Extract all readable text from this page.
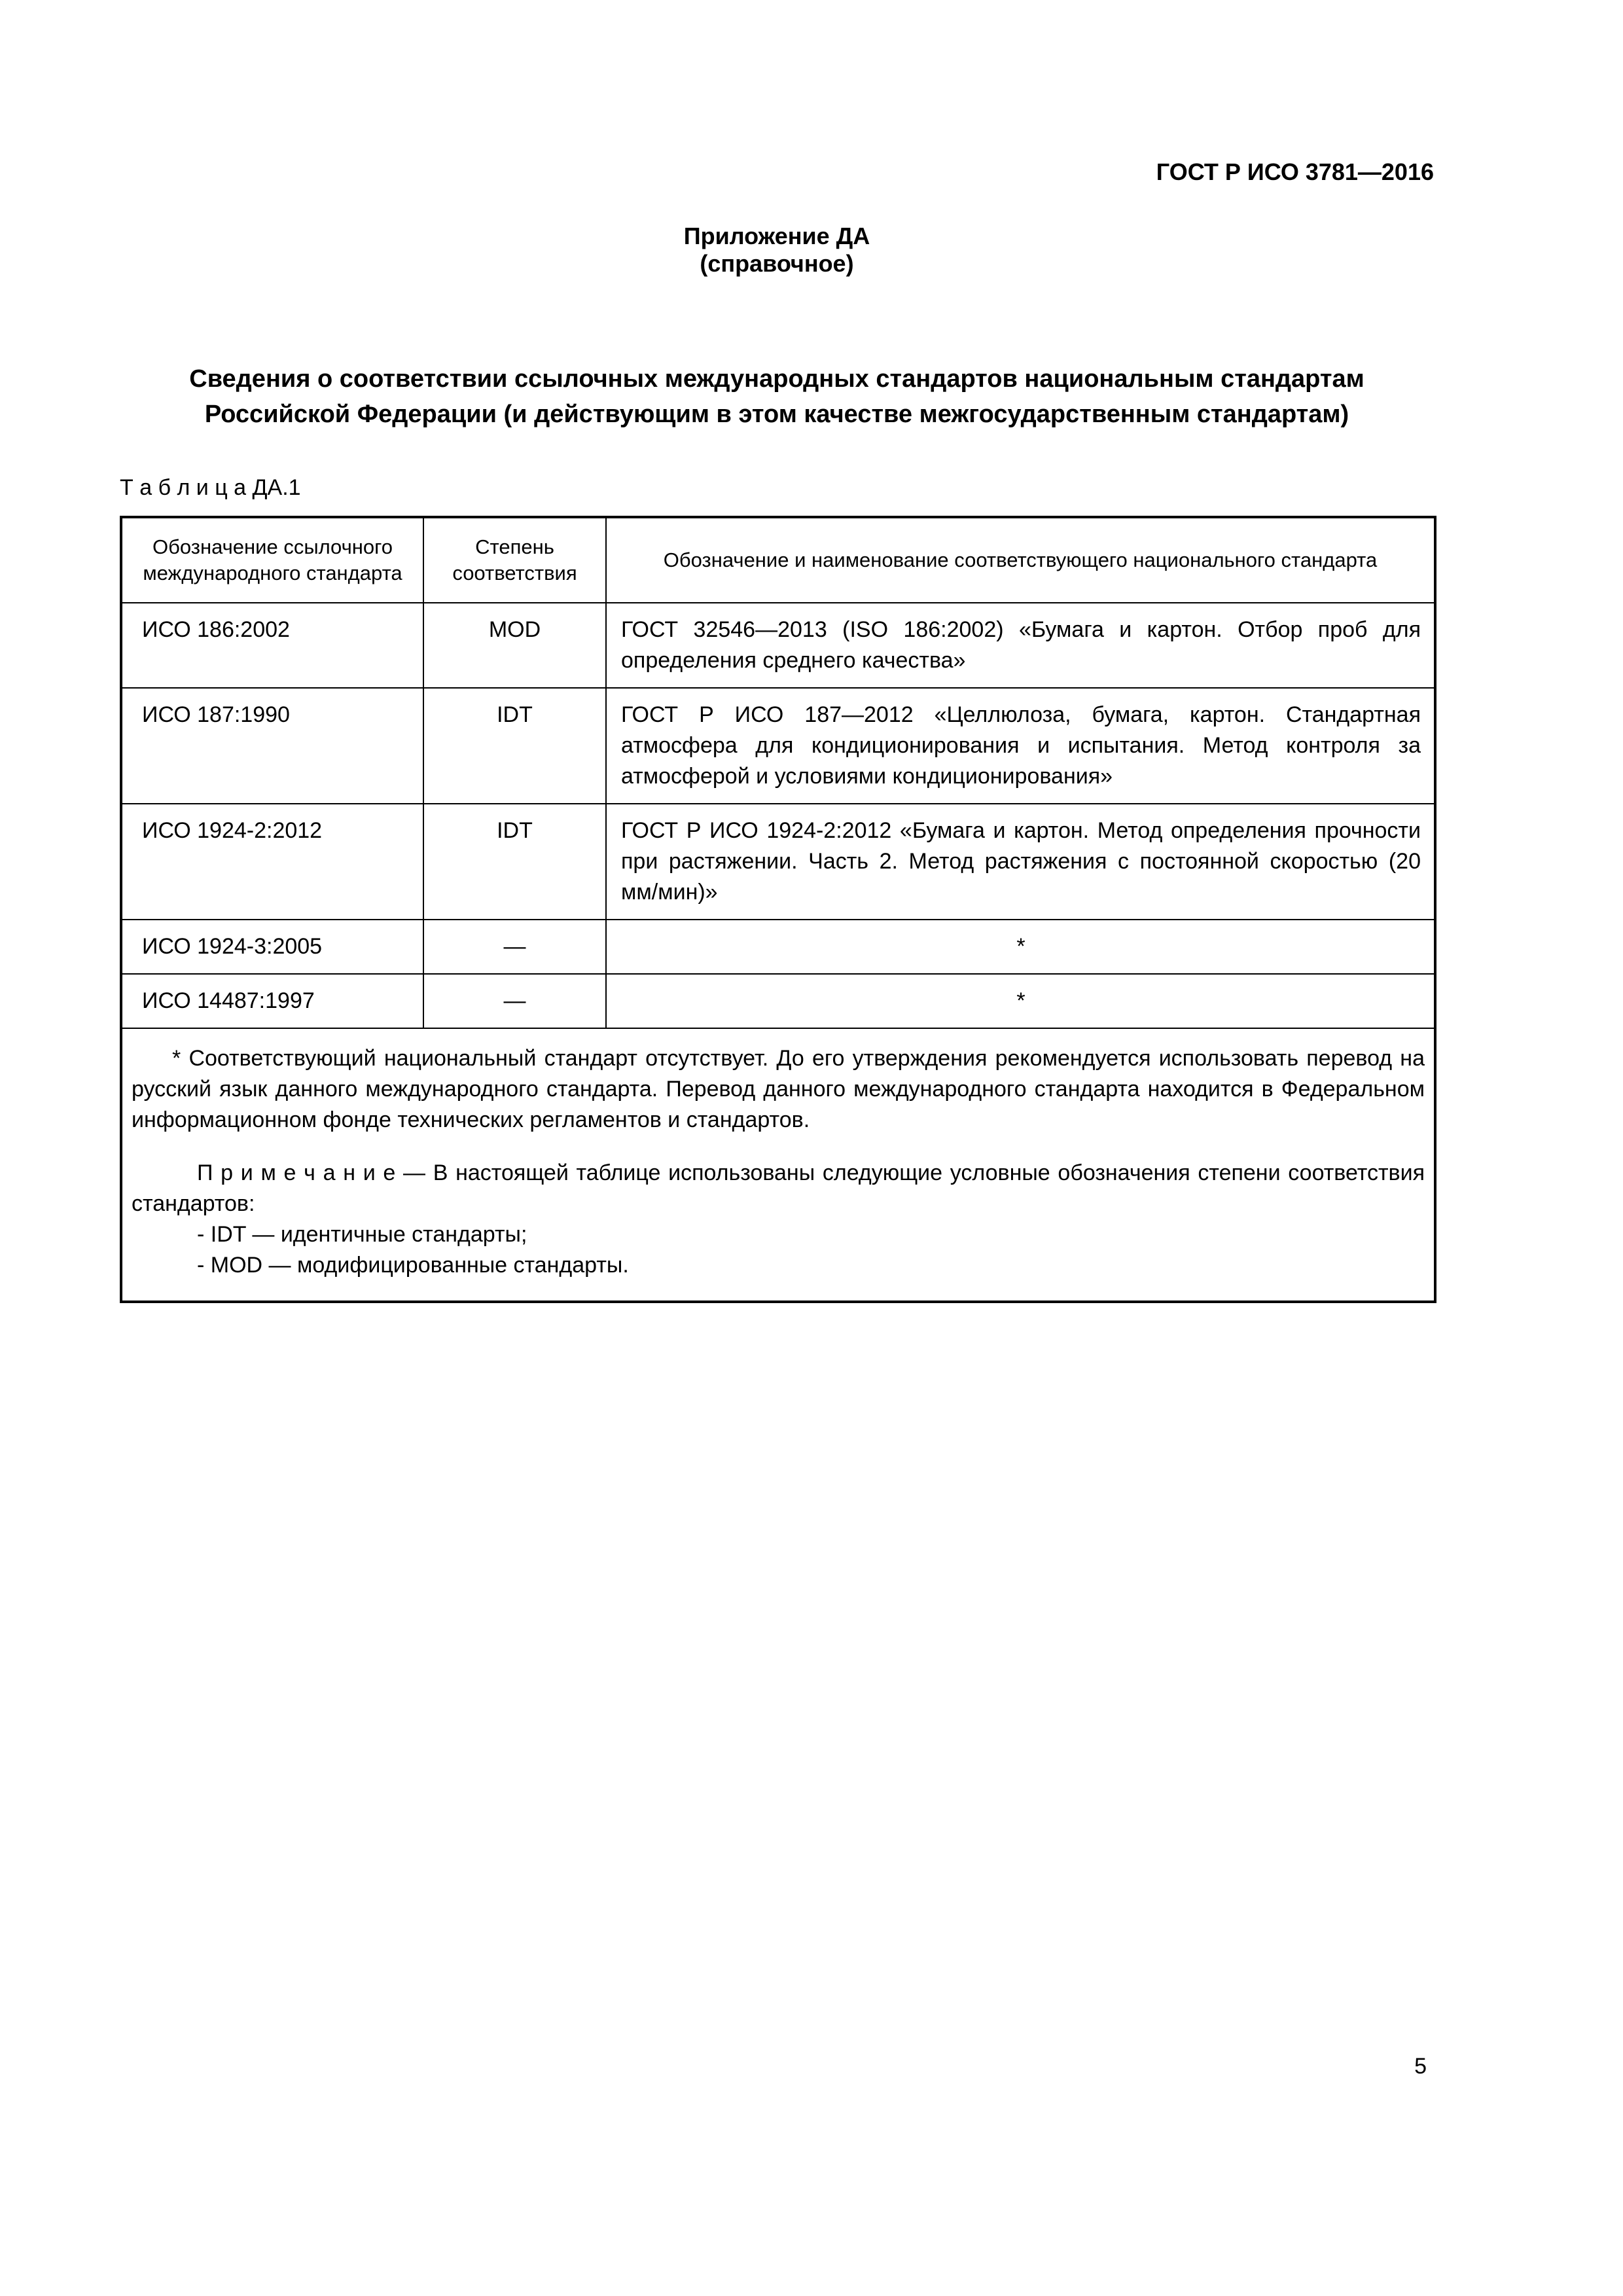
ГОСТ Р ИСО 3781—2016
Приложение ДА
(справочное)
Сведения о соответствии ссылочных международных стандартов национальным стандартам
Российской Федерации (и действующим в этом качестве межгосударственным стандартам)
Т а б л и ц а ДА.1
Обозначение ссылочного международного стандарта	Степень соответствия	Обозначение и наименование соответствующего национального стандарта
ИСО 186:2002	MOD	ГОСТ 32546—2013 (ISO 186:2002) «Бумага и картон. Отбор проб для определения среднего качества»
ИСО 187:1990	IDT	ГОСТ Р ИСО 187—2012 «Целлюлоза, бумага, картон. Стандартная атмосфера для кондиционирования и испытания. Метод контроля за атмосферой и условиями кондиционирования»
ИСО 1924-2:2012	IDT	ГОСТ Р ИСО 1924-2:2012 «Бумага и картон. Метод определения прочности при растяжении. Часть 2. Метод растяжения с постоянной скоростью (20 мм/мин)»
ИСО 1924-3:2005	—	*
ИСО 14487:1997	—	*

* Соответствующий национальный стандарт отсутствует. До его утверждения рекомендуется использовать перевод на русский язык данного международного стандарта. Перевод данного международного стандарта находится в Федеральном информационном фонде технических регламентов и стандартов.
П р и м е ч а н и е — В настоящей таблице использованы следующие условные обозначения степени соответствия стандартов:
- IDT — идентичные стандарты;
- MOD — модифицированные стандарты.		
5
